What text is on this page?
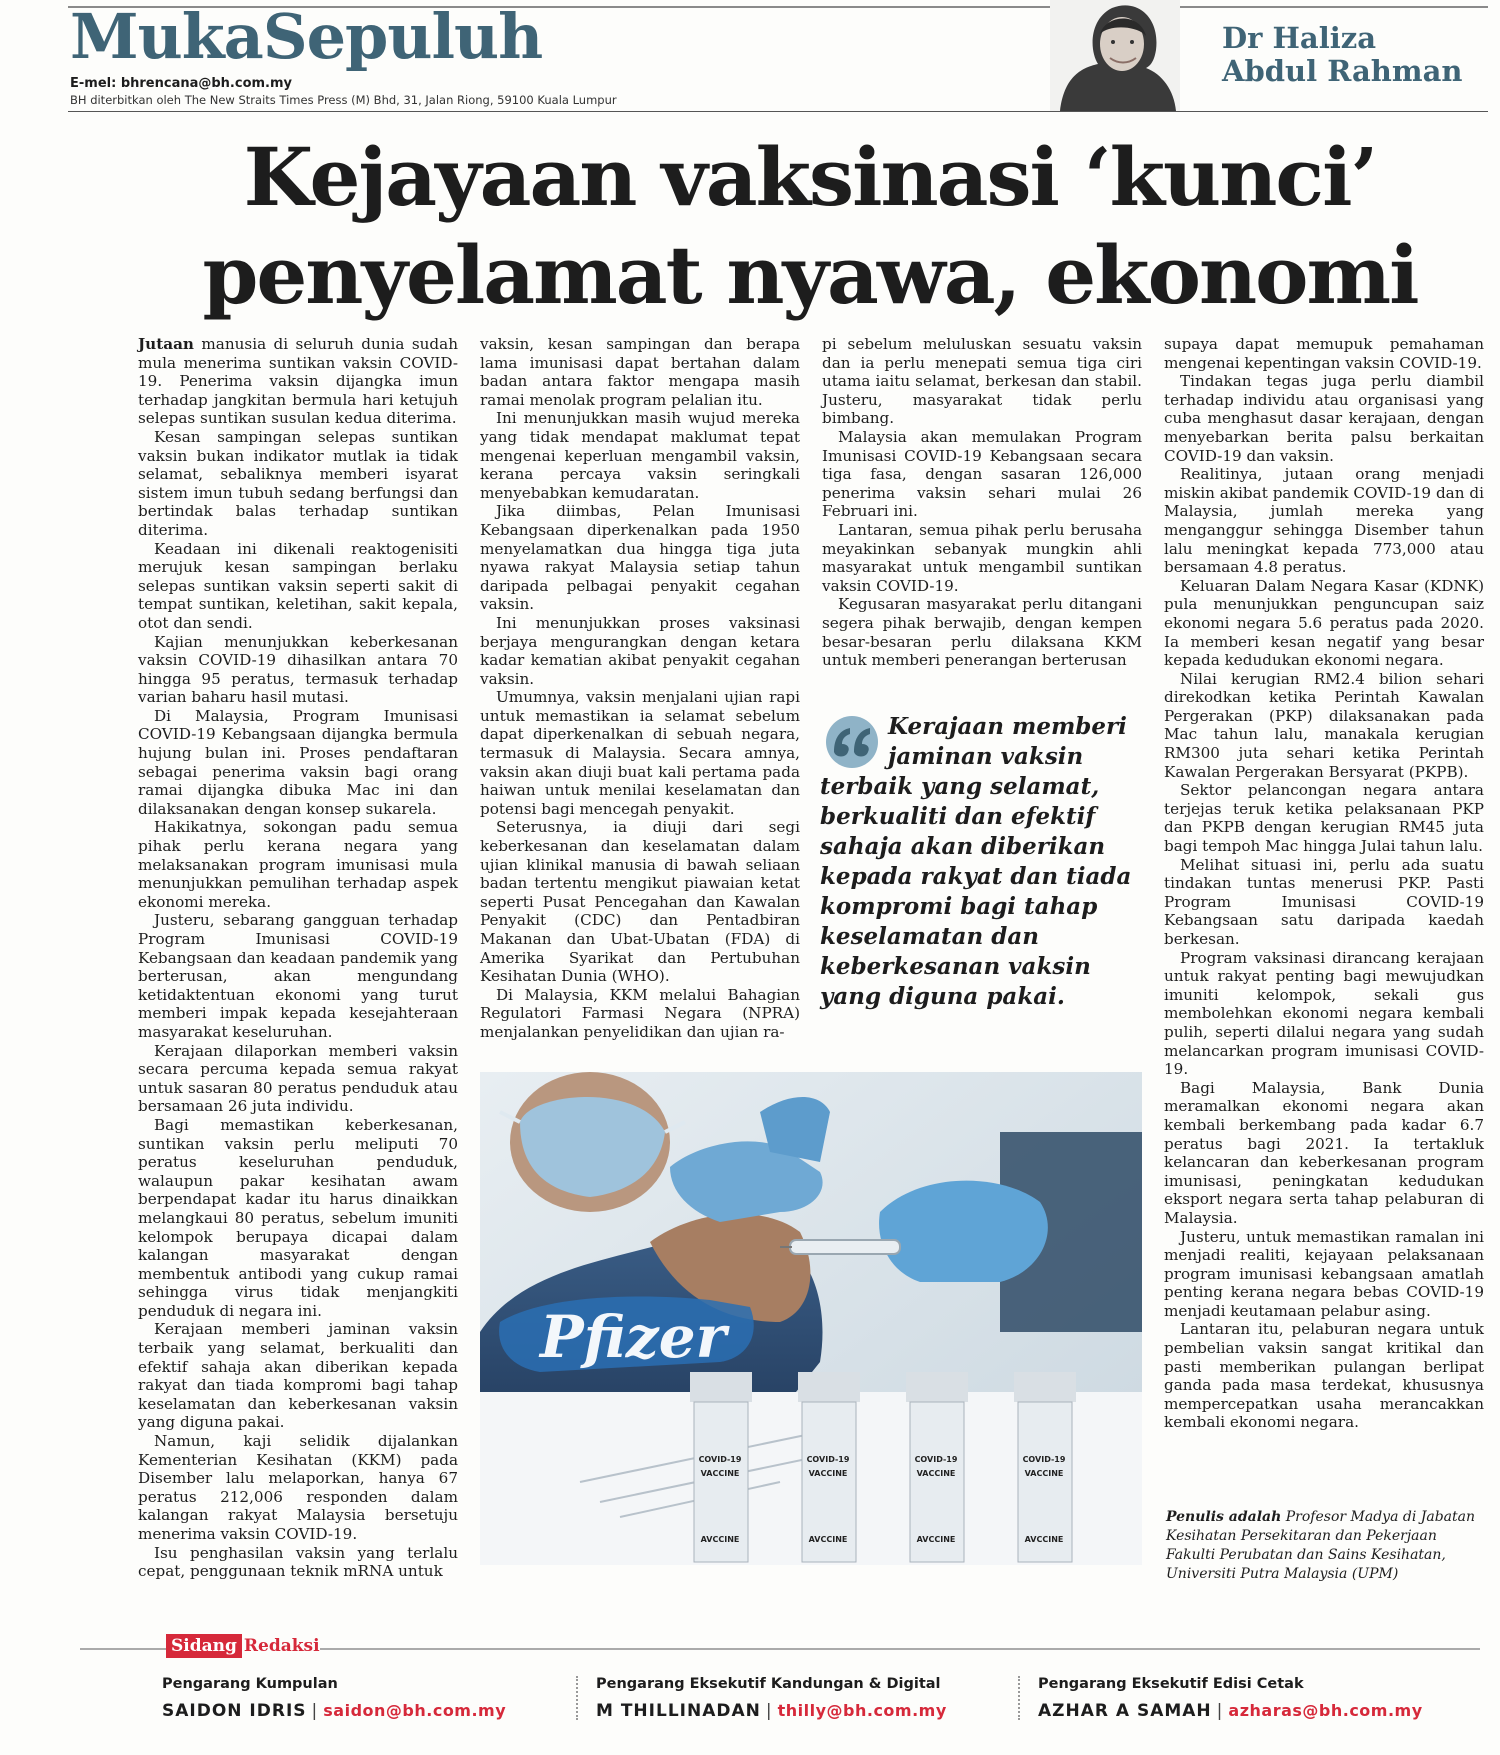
MukaSepuluh
E-mel: bhrencana@bh.com.my
BH diterbitkan oleh The New Straits Times Press (M) Bhd, 31, Jalan Riong, 59100 Kuala Lumpur
Dr Haliza
Abdul Rahman
Kejayaan vaksinasi ‘kunci’
penyelamat nyawa, ekonomi

Jutaan manusia di seluruh dunia sudah mula menerima suntikan vaksin COVID-19. Penerima vaksin dijangka imun terhadap jangkitan bermula hari ketujuh selepas suntikan susulan kedua diterima.

Kesan sampingan selepas suntikan vaksin bukan indikator mutlak ia tidak selamat, sebaliknya memberi isyarat sistem imun tubuh sedang berfungsi dan bertindak balas terhadap suntikan diterima.

Keadaan ini dikenali reaktogenisiti merujuk kesan sampingan berlaku selepas suntikan vaksin seperti sakit di tempat suntikan, keletihan, sakit kepala, otot dan sendi.

Kajian menunjukkan keberkesanan vaksin COVID-19 dihasilkan antara 70 hingga 95 peratus, termasuk terhadap varian baharu hasil mutasi.

Di Malaysia, Program Imunisasi COVID-19 Kebangsaan dijangka bermula hujung bulan ini. Proses pendaftaran sebagai penerima vaksin bagi orang ramai dijangka dibuka Mac ini dan dilaksanakan dengan konsep sukarela.

Hakikatnya, sokongan padu semua pihak perlu kerana negara yang melaksanakan program imunisasi mula menunjukkan pemulihan terhadap aspek ekonomi mereka.

Justeru, sebarang gangguan terhadap Program Imunisasi COVID-19 Kebangsaan dan keadaan pandemik yang berterusan, akan mengundang ketidaktentuan ekonomi yang turut memberi impak kepada kesejahteraan masyarakat keseluruhan.

Kerajaan dilaporkan memberi vaksin secara percuma kepada semua rakyat untuk sasaran 80 peratus penduduk atau bersamaan 26 juta individu.

Bagi memastikan keberkesanan, suntikan vaksin perlu meliputi 70 peratus keseluruhan penduduk, walaupun pakar kesihatan awam berpendapat kadar itu harus dinaikkan melangkaui 80 peratus, sebelum imuniti kelompok berupaya dicapai dalam kalangan masyarakat dengan membentuk antibodi yang cukup ramai sehingga virus tidak menjangkiti penduduk di negara ini.

Kerajaan memberi jaminan vaksin terbaik yang selamat, berkualiti dan efektif sahaja akan diberikan kepada rakyat dan tiada kompromi bagi tahap keselamatan dan keberkesanan vaksin yang diguna pakai.

Namun, kaji selidik dijalankan Kementerian Kesihatan (KKM) pada Disember lalu melaporkan, hanya 67 peratus 212,006 responden dalam kalangan rakyat Malaysia bersetuju menerima vaksin COVID-19.

Isu penghasilan vaksin yang terlalu cepat, penggunaan teknik mRNA untuk

vaksin, kesan sampingan dan berapa lama imunisasi dapat bertahan dalam badan antara faktor mengapa masih ramai menolak program pelalian itu.

Ini menunjukkan masih wujud mereka yang tidak mendapat maklumat tepat mengenai keperluan mengambil vaksin, kerana percaya vaksin seringkali menyebabkan kemudaratan.

Jika diimbas, Pelan Imunisasi Kebangsaan diperkenalkan pada 1950 menyelamatkan dua hingga tiga juta nyawa rakyat Malaysia setiap tahun daripada pelbagai penyakit cegahan vaksin.

Ini menunjukkan proses vaksinasi berjaya mengurangkan dengan ketara kadar kematian akibat penyakit cegahan vaksin.

Umumnya, vaksin menjalani ujian rapi untuk memastikan ia selamat sebelum dapat diperkenalkan di sebuah negara, termasuk di Malaysia. Secara amnya, vaksin akan diuji buat kali pertama pada haiwan untuk menilai keselamatan dan potensi bagi mencegah penyakit.

Seterusnya, ia diuji dari segi keberkesanan dan keselamatan dalam ujian klinikal manusia di bawah seliaan badan tertentu mengikut piawaian ketat seperti Pusat Pencegahan dan Kawalan Penyakit (CDC) dan Pentadbiran Makanan dan Ubat-Ubatan (FDA) di Amerika Syarikat dan Pertubuhan Kesihatan Dunia (WHO).

Di Malaysia, KKM melalui Bahagian Regulatori Farmasi Negara (NPRA) menjalankan penyelidikan dan ujian ra-

pi sebelum meluluskan sesuatu vaksin dan ia perlu menepati semua tiga ciri utama iaitu selamat, berkesan dan stabil. Justeru, masyarakat tidak perlu bimbang.

Malaysia akan memulakan Program Imunisasi COVID-19 Kebangsaan secara tiga fasa, dengan sasaran 126,000 penerima vaksin sehari mulai 26 Februari ini.

Lantaran, semua pihak perlu berusaha meyakinkan sebanyak mungkin ahli masyarakat untuk mengambil suntikan vaksin COVID-19.

Kegusaran masyarakat perlu ditangani segera pihak berwajib, dengan kempen besar-besaran perlu dilaksana KKM untuk memberi penerangan berterusan

Kerajaan memberi jaminan vaksin terbaik yang selamat, berkualiti dan efektif sahaja akan diberikan kepada rakyat dan tiada kompromi bagi tahap keselamatan dan keberkesanan vaksin yang diguna pakai.

supaya dapat memupuk pemahaman mengenai kepentingan vaksin COVID-19.

Tindakan tegas juga perlu diambil terhadap individu atau organisasi yang cuba menghasut dasar kerajaan, dengan menyebarkan berita palsu berkaitan COVID-19 dan vaksin.

Realitinya, jutaan orang menjadi miskin akibat pandemik COVID-19 dan di Malaysia, jumlah mereka yang menganggur sehingga Disember tahun lalu meningkat kepada 773,000 atau bersamaan 4.8 peratus.

Keluaran Dalam Negara Kasar (KDNK) pula menunjukkan penguncupan saiz ekonomi negara 5.6 peratus pada 2020. Ia memberi kesan negatif yang besar kepada kedudukan ekonomi negara.

Nilai kerugian RM2.4 bilion sehari direkodkan ketika Perintah Kawalan Pergerakan (PKP) dilaksanakan pada Mac tahun lalu, manakala kerugian RM300 juta sehari ketika Perintah Kawalan Pergerakan Bersyarat (PKPB).

Sektor pelancongan negara antara terjejas teruk ketika pelaksanaan PKP dan PKPB dengan kerugian RM45 juta bagi tempoh Mac hingga Julai tahun lalu.

Melihat situasi ini, perlu ada suatu tindakan tuntas menerusi PKP. Pasti Program Imunisasi COVID-19 Kebangsaan satu daripada kaedah berkesan.

Program vaksinasi dirancang kerajaan untuk rakyat penting bagi mewujudkan imuniti kelompok, sekali gus membolehkan ekonomi negara kembali pulih, seperti dilalui negara yang sudah melancarkan program imunisasi COVID-19.

Bagi Malaysia, Bank Dunia meramalkan ekonomi negara akan kembali berkembang pada kadar 6.7 peratus bagi 2021. Ia tertakluk kelancaran dan keberkesanan program imunisasi, peningkatan kedudukan eksport negara serta tahap pelaburan di Malaysia.

Justeru, untuk memastikan ramalan ini menjadi realiti, kejayaan pelaksanaan program imunisasi kebangsaan amatlah penting kerana negara bebas COVID-19 menjadi keutamaan pelabur asing.

Lantaran itu, pelaburan negara untuk pembelian vaksin sangat kritikal dan pasti memberikan pulangan berlipat ganda pada masa terdekat, khususnya mempercepatkan usaha merancakkan kembali ekonomi negara.

Pfizer
COVID-19
VACCINE
AVCCINE
COVID-19
VACCINE
AVCCINE
COVID-19
VACCINE
AVCCINE
COVID-19
VACCINE
AVCCINE
Penulis adalah Profesor Madya di Jabatan Kesihatan Persekitaran dan Pekerjaan Fakulti Perubatan dan Sains Kesihatan, Universiti Putra Malaysia (UPM)
Sidang Redaksi
Pengarang Kumpulan
SAIDON IDRIS | saidon@bh.com.my
Pengarang Eksekutif Kandungan & Digital
M THILLINADAN | thilly@bh.com.my
Pengarang Eksekutif Edisi Cetak
AZHAR A SAMAH | azharas@bh.com.my
